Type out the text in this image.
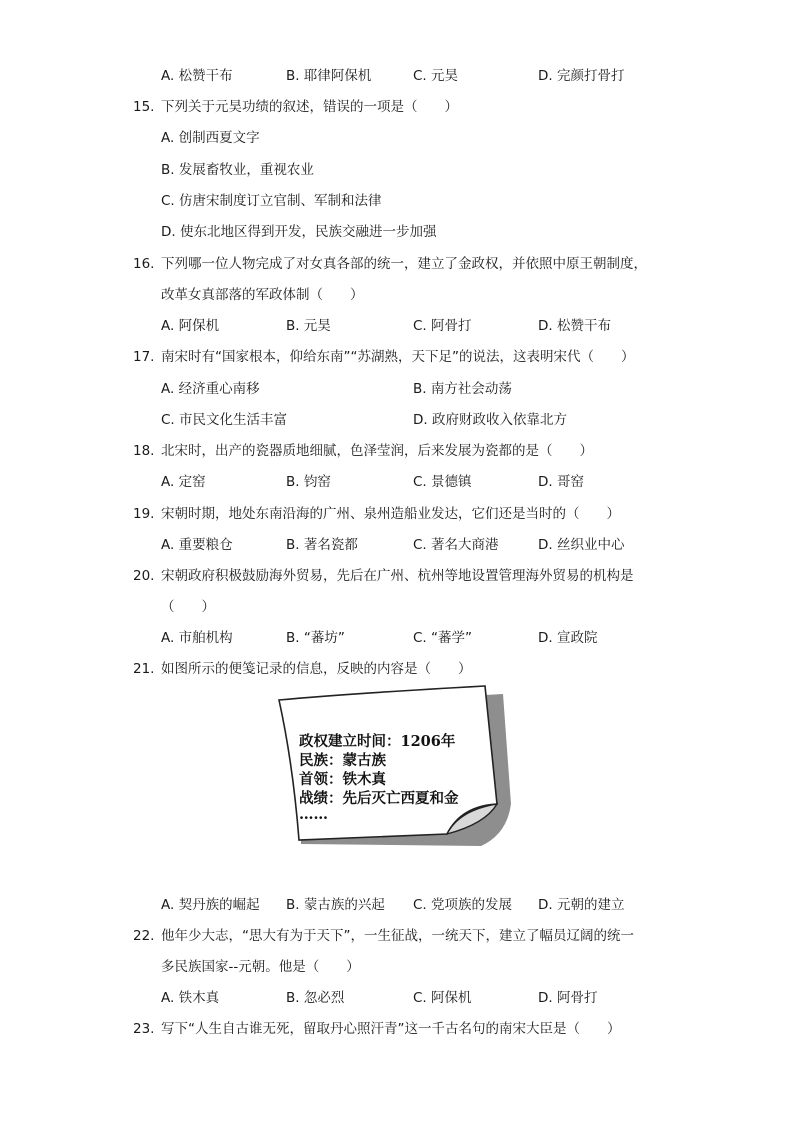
A. 松赞干布	B. 耶律阿保机	C. 元昊	D. 完颜打骨打
15. 下列关于元昊功绩的叙述，错误的一项是（　　）
A. 创制西夏文字
B. 发展畜牧业，重视农业
C. 仿唐宋制度订立官制、军制和法律
D. 使东北地区得到开发，民族交融进一步加强
16. 下列哪一位人物完成了对女真各部的统一，建立了金政权，并依照中原王朝制度，
改革女真部落的军政体制（　　）
A. 阿保机	B. 元昊	C. 阿骨打	D. 松赞干布
17. 南宋时有“国家根本，仰给东南”“苏湖熟，天下足”的说法，这表明宋代（　　）
A. 经济重心南移	B. 南方社会动荡
C. 市民文化生活丰富	D. 政府财政收入依靠北方
18. 北宋时，出产的瓷器质地细腻，色泽莹润，后来发展为瓷都的是（　　）
A. 定窑	B. 钧窑	C. 景德镇	D. 哥窑
19. 宋朝时期，地处东南沿海的广州、泉州造船业发达，它们还是当时的（　　）
A. 重要粮仓	B. 著名瓷都	C. 著名大商港	D. 丝织业中心
20. 宋朝政府积极鼓励海外贸易，先后在广州、杭州等地设置管理海外贸易的机构是
（　　）
A. 市舶机构	B. “蕃坊”	C. “蕃学”	D. 宣政院
21. 如图所示的便笺记录的信息，反映的内容是（　　）
政权建立时间：1206年
民族：蒙古族
首领：铁木真
战绩：先后灭亡西夏和金
……
A. 契丹族的崛起 B. 蒙古族的兴起 C. 党项族的发展 D. 元朝的建立
22. 他年少大志，“思大有为于天下”，一生征战，一统天下，建立了幅员辽阔的统一
多民族国家--元朝。他是（　　）
A. 铁木真	B. 忽必烈	C. 阿保机	D. 阿骨打
23. 写下“人生自古谁无死，留取丹心照汗青”这一千古名句的南宋大臣是（　　）
